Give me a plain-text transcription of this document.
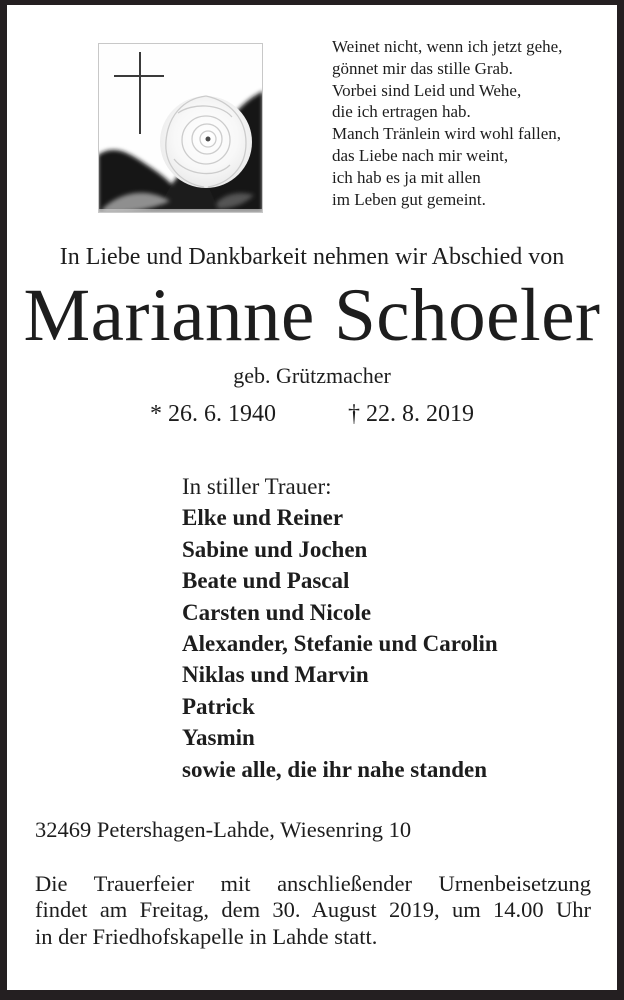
Weinet nicht, wenn ich jetzt gehe,
gönnet mir das stille Grab.
Vorbei sind Leid und Wehe,
die ich ertragen hab.
Manch Tränlein wird wohl fallen,
das Liebe nach mir weint,
ich hab es ja mit allen
im Leben gut gemeint.
In Liebe und Dankbarkeit nehmen wir Abschied von
Marianne Schoeler
geb. Grützmacher
* 26. 6. 1940	† 22. 8. 2019
In stiller Trauer:
Elke und Reiner
Sabine und Jochen
Beate und Pascal
Carsten und Nicole
Alexander, Stefanie und Carolin
Niklas und Marvin
Patrick
Yasmin
sowie alle, die ihr nahe standen
32469 Petershagen-Lahde, Wiesenring 10
Die Trauerfeier mit anschließender Urnenbeisetzung
findet am Freitag, dem 30. August 2019, um 14.00 Uhr
in der Friedhofskapelle in Lahde statt.
